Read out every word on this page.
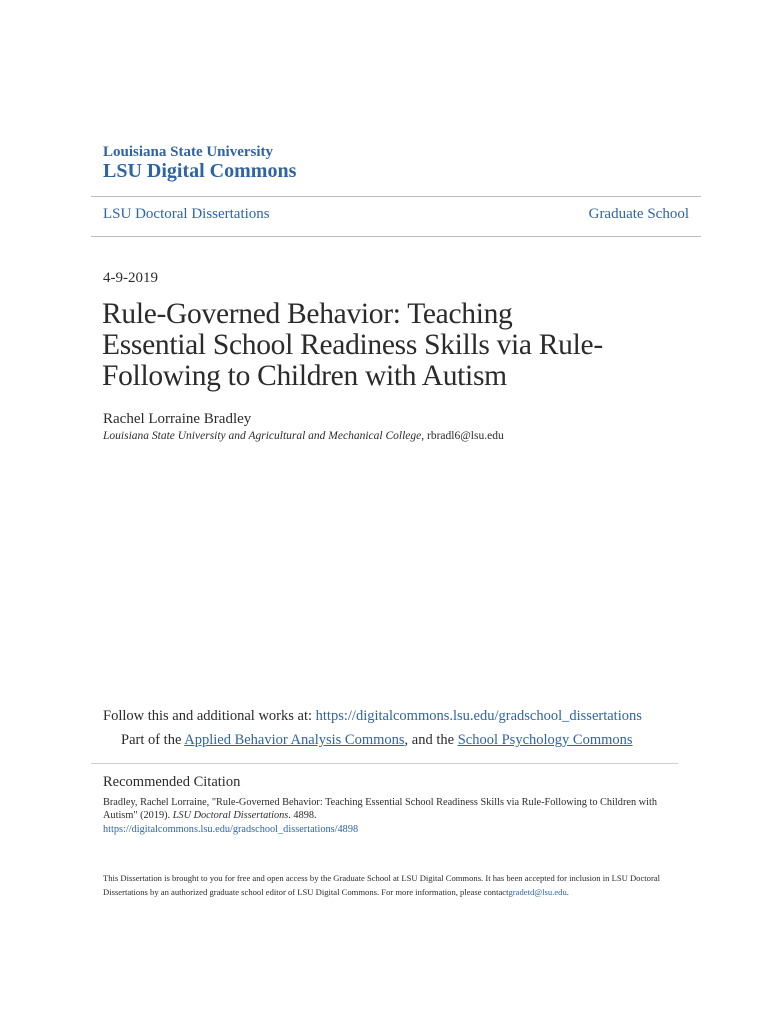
Louisiana State University
LSU Digital Commons
LSU Doctoral Dissertations	Graduate School
4-9-2019
Rule-Governed Behavior: Teaching Essential School Readiness Skills via Rule-Following to Children with Autism
Rachel Lorraine Bradley
Louisiana State University and Agricultural and Mechanical College, rbradl6@lsu.edu
Follow this and additional works at: https://digitalcommons.lsu.edu/gradschool_dissertations
Part of the Applied Behavior Analysis Commons, and the School Psychology Commons
Recommended Citation
Bradley, Rachel Lorraine, "Rule-Governed Behavior: Teaching Essential School Readiness Skills via Rule-Following to Children with Autism" (2019). LSU Doctoral Dissertations. 4898.
https://digitalcommons.lsu.edu/gradschool_dissertations/4898
This Dissertation is brought to you for free and open access by the Graduate School at LSU Digital Commons. It has been accepted for inclusion in LSU Doctoral Dissertations by an authorized graduate school editor of LSU Digital Commons. For more information, please contactgradetd@lsu.edu.
